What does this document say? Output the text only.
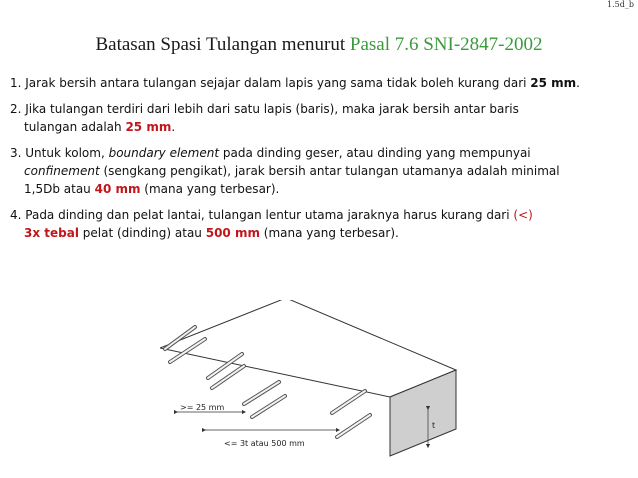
1.5d_b
Batasan Spasi Tulangan menurut Pasal 7.6 SNI-2847-2002
1. Jarak bersih antara tulangan sejajar dalam lapis yang sama tidak boleh kurang dari 25 mm.
2. Jika tulangan terdiri dari lebih dari satu lapis (baris), maka jarak bersih antar baris
tulangan adalah 25 mm.
3. Untuk kolom, boundary element pada dinding geser, atau dinding yang mempunyai
confinement (sengkang pengikat), jarak bersih antar tulangan utamanya adalah minimal
1,5Db atau 40 mm (mana yang terbesar).
4. Pada dinding dan pelat lantai, tulangan lentur utama jaraknya harus kurang dari (<)
3x tebal pelat (dinding) atau 500 mm (mana yang terbesar).
>= 25 mm
<= 3t atau 500 mm
t
